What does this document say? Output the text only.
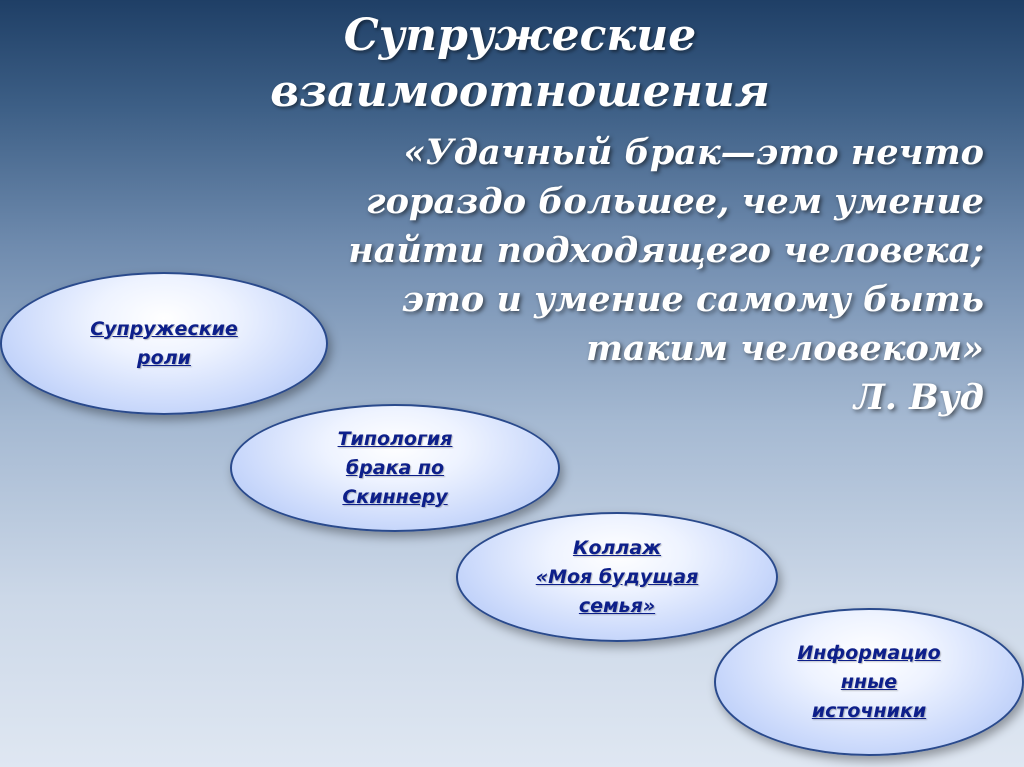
Супружеские
взаимоотношения
«Удачный брак—это нечто
гораздо большее, чем умение
найти подходящего человека;
это и умение самому быть
таким человеком»
Л. Вуд
Супружеские
роли
Типология
брака по
Скиннеру
Коллаж
«Моя будущая
семья»
Информацио
нные
источники
